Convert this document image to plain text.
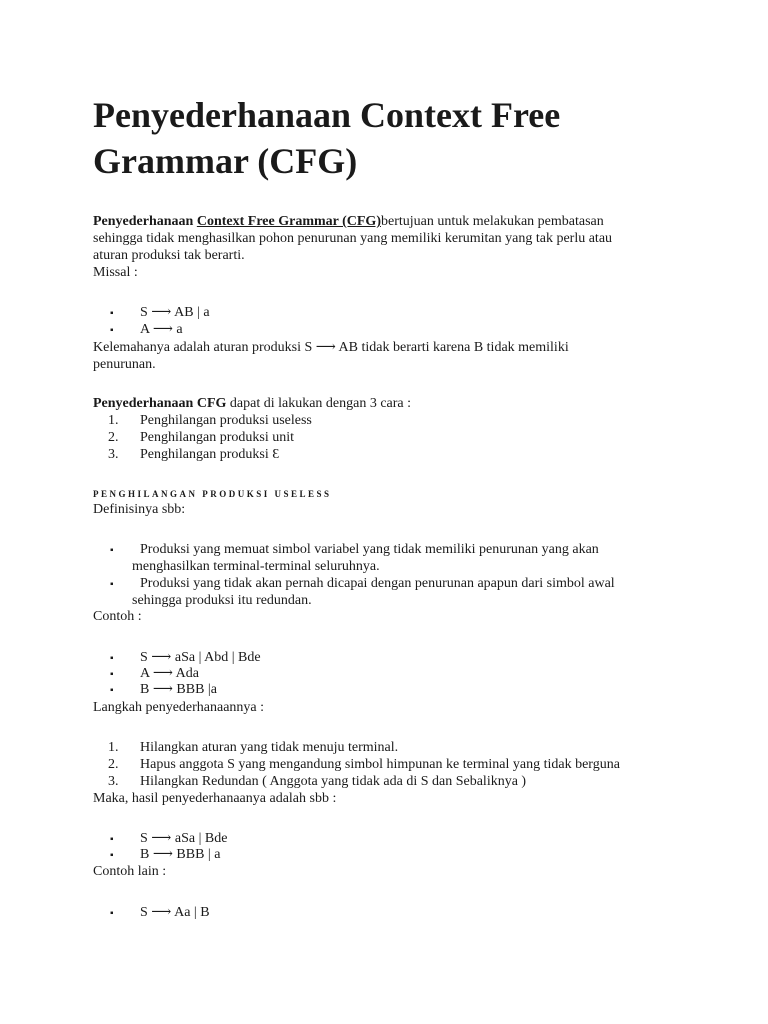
Penyederhanaan Context Free
Grammar (CFG)

Penyederhanaan Context Free Grammar (CFG)bertujuan untuk melakukan pembatasan
sehingga tidak menghasilkan pohon penurunan yang memiliki kerumitan yang tak perlu atau
aturan produksi tak berarti.
Missal :

▪ S ⟶ AB | a
▪ A ⟶ a

Kelemahanya adalah aturan produksi S ⟶ AB tidak berarti karena B tidak memiliki
penurunan.

Penyederhanaan CFG dapat di lakukan dengan 3 cara :

1. Penghilangan produksi useless
2. Penghilangan produksi unit
3. Penghilangan produksi Ԑ
PENGHILANGAN PRODUKSI USELESS

Definisinya sbb:

▪ Produksi yang memuat simbol variabel yang tidak memiliki penurunan yang akan
menghasilkan terminal-terminal seluruhnya.
▪ Produksi yang tidak akan pernah dicapai dengan penurunan apapun dari simbol awal
sehingga produksi itu redundan.

Contoh :

▪ S ⟶ aSa | Abd | Bde
▪ A ⟶ Ada
▪ B ⟶ BBB |a

Langkah penyederhanaannya :

1. Hilangkan aturan yang tidak menuju terminal.
2. Hapus anggota S yang mengandung simbol himpunan ke terminal yang tidak berguna
3. Hilangkan Redundan ( Anggota yang tidak ada di S dan Sebaliknya )

Maka, hasil penyederhanaanya adalah sbb :

▪ S ⟶ aSa | Bde
▪ B ⟶ BBB | a

Contoh lain :

▪ S ⟶ Aa | B
